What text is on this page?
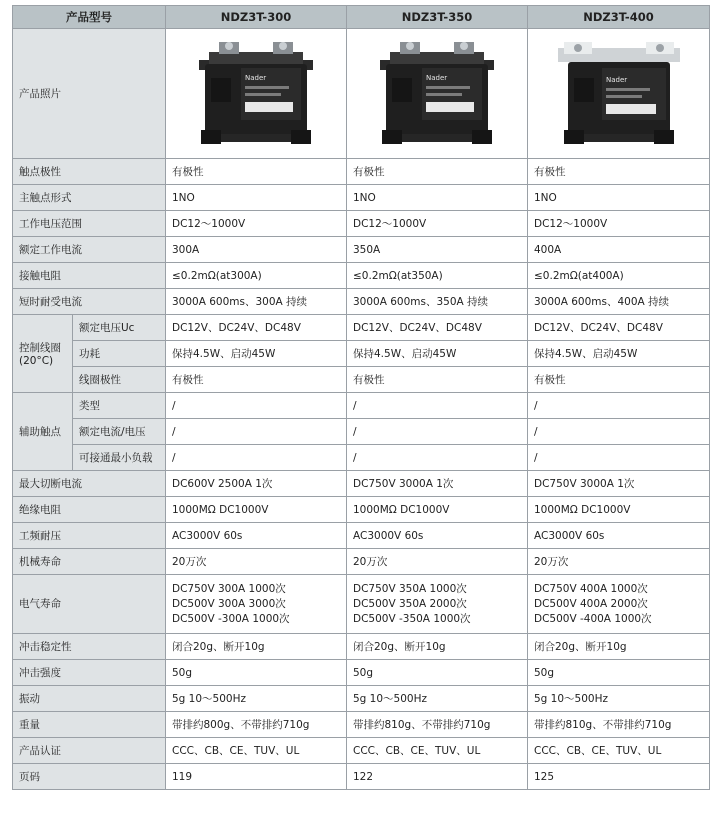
产品型号		NDZ3T-300	NDZ3T-350	NDZ3T-400
产品照片		Nader	Nader	Nader

触点极性		有极性	有极性	有极性
主触点形式		1NO	1NO	1NO
工作电压范围		DC12～1000V	DC12～1000V	DC12～1000V
额定工作电流		300A	350A	400A
接触电阻		≤0.2mΩ(at300A)	≤0.2mΩ(at350A)	≤0.2mΩ(at400A)
短时耐受电流		3000A 600ms、300A 持续	3000A 600ms、350A 持续	3000A 600ms、400A 持续

控制线圈
(20°C)	额定电压Uc	DC12V、DC24V、DC48V	DC12V、DC24V、DC48V	DC12V、DC24V、DC48V
	功耗	保持4.5W、启动45W	保持4.5W、启动45W	保持4.5W、启动45W
	线圈极性	有极性	有极性	有极性
辅助触点	类型	/	/	/
	额定电流/电压	/	/	/
	可接通最小负载	/	/	/
最大切断电流		DC600V 2500A 1次	DC750V 3000A 1次	DC750V 3000A 1次
绝缘电阻		1000MΩ DC1000V	1000MΩ DC1000V	1000MΩ DC1000V
工频耐压		AC3000V 60s	AC3000V 60s	AC3000V 60s
机械寿命		20万次	20万次	20万次
电气寿命		DC750V 300A 1000次
DC500V 300A 3000次
DC500V -300A 1000次	DC750V 350A 1000次
DC500V 350A 2000次
DC500V -350A 1000次	DC750V 400A 1000次
DC500V 400A 2000次
DC500V -400A 1000次

冲击稳定性		闭合20g、断开10g	闭合20g、断开10g	闭合20g、断开10g
冲击强度		50g	50g	50g
振动		5g 10～500Hz	5g 10～500Hz	5g 10～500Hz
重量		带排约800g、不带排约710g	带排约810g、不带排约710g	带排约810g、不带排约710g
产品认证		CCC、CB、CE、TUV、UL	CCC、CB、CE、TUV、UL	CCC、CB、CE、TUV、UL
页码		119	122	125
